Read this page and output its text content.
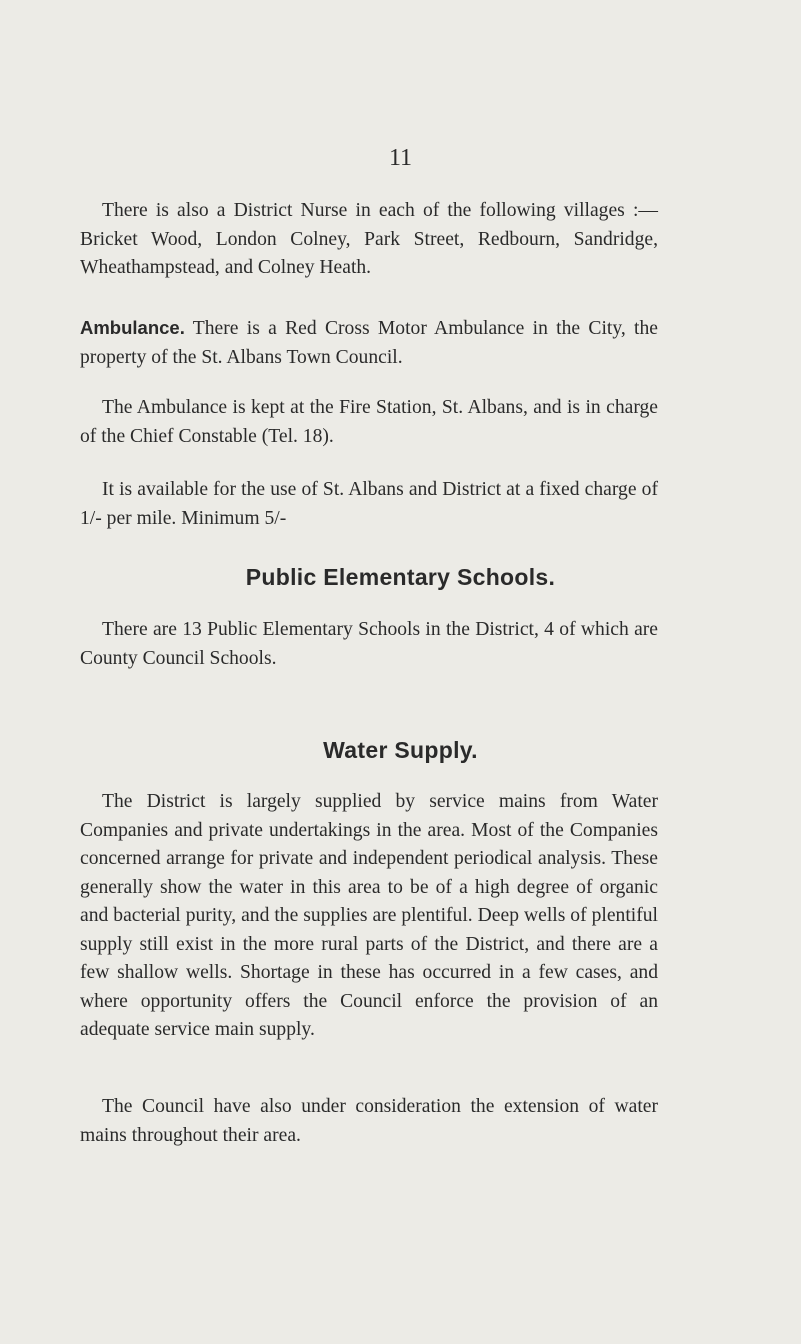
11

There is also a District Nurse in each of the following villages :—Bricket Wood, London Colney, Park Street, Redbourn, Sandridge, Wheathampstead, and Colney Heath.

Ambulance. There is a Red Cross Motor Ambulance in the City, the property of the St. Albans Town Council.

The Ambulance is kept at the Fire Station, St. Albans, and is in charge of the Chief Constable (Tel. 18).

It is available for the use of St. Albans and District at a fixed charge of 1/- per mile. Minimum 5/-

Public Elementary Schools.

There are 13 Public Elementary Schools in the District, 4 of which are County Council Schools.

Water Supply.

The District is largely supplied by service mains from Water Companies and private undertakings in the area. Most of the Companies concerned arrange for private and independent periodical analysis. These generally show the water in this area to be of a high degree of organic and bacterial purity, and the supplies are plentiful. Deep wells of plentiful supply still exist in the more rural parts of the District, and there are a few shallow wells. Shortage in these has occurred in a few cases, and where opportunity offers the Council enforce the provision of an adequate service main supply.

The Council have also under consideration the extension of water mains throughout their area.
